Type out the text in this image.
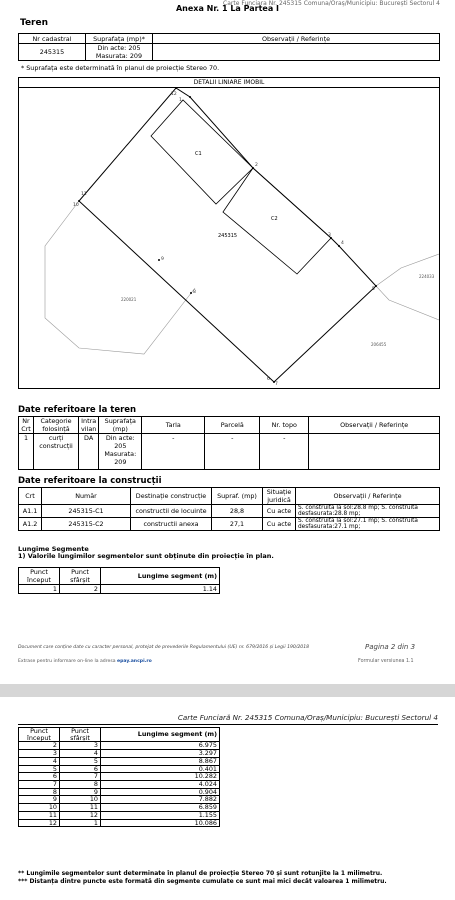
Carte Funciara Nr. 245315 Comuna/Oraș/Municipiu: București Sectorul 4
Anexa Nr. 1 La Partea I
Teren
Nr cadastral	Suprafața (mp)*	Observații / Referințe
245315	Din acte: 205
Masurata: 209	

* Suprafața este determinată în planul de proiecție Stereo 70.
DETALII LINIARE IMOBIL
12
1
2
3
4
5
6
7
8
9
10
11
245315
C1
C2
220021
224033
206455
Date referitoare la teren
Nr Crt	Categorie folosință	Intra vilan	Suprafața (mp)	Tarla	Parcelă	Nr. topo	Observații / Referințe
1	curți construcții	DA	Din acte: 205
Masurata: 209	-	-	-	
Date referitoare la construcții
Crt	Număr	Destinație construcție	Supraf. (mp)	Situație juridică	Observații / Referințe
A1.1	245315-C1	constructii de locuinte	28,8	Cu acte	S. construita la sol:28.8 mp; S. construita desfasurata:28.8 mp;
A1.2	245315-C2	constructii anexa	27,1	Cu acte	S. construita la sol:27.1 mp; S. construita desfasurata:27.1 mp;
Lungime Segmente
1) Valorile lungimilor segmentelor sunt obținute din proiecție în plan.
Punct început	Punct sfârșit	Lungime segment (m)
1	2	1.14
Document care conține date cu caracter personal, protejat de prevederile Regulamentului (UE) nr. 679/2016 și Legii 190/2018	Pagina 2 din 3
Extrase pentru informare on-line la adresa epay.ancpi.ro	Formular versiunea 1.1
Carte Funciară Nr. 245315 Comuna/Oraș/Municipiu: București Sectorul 4
Punct început	Punct sfârșit	Lungime segment (m)
2	3	6.975
3	4	3.297
4	5	8.867
5	6	0.401
6	7	10.282
7	8	4.024
8	9	0.904
9	10	7.882
10	11	6.859
11	12	1.155
12	1	10.086
** Lungimile segmentelor sunt determinate în planul de proiecție Stereo 70 și sunt rotunjite la 1 milimetru.
*** Distanța dintre puncte este formată din segmente cumulate ce sunt mai mici decât valoarea 1 milimetru.
